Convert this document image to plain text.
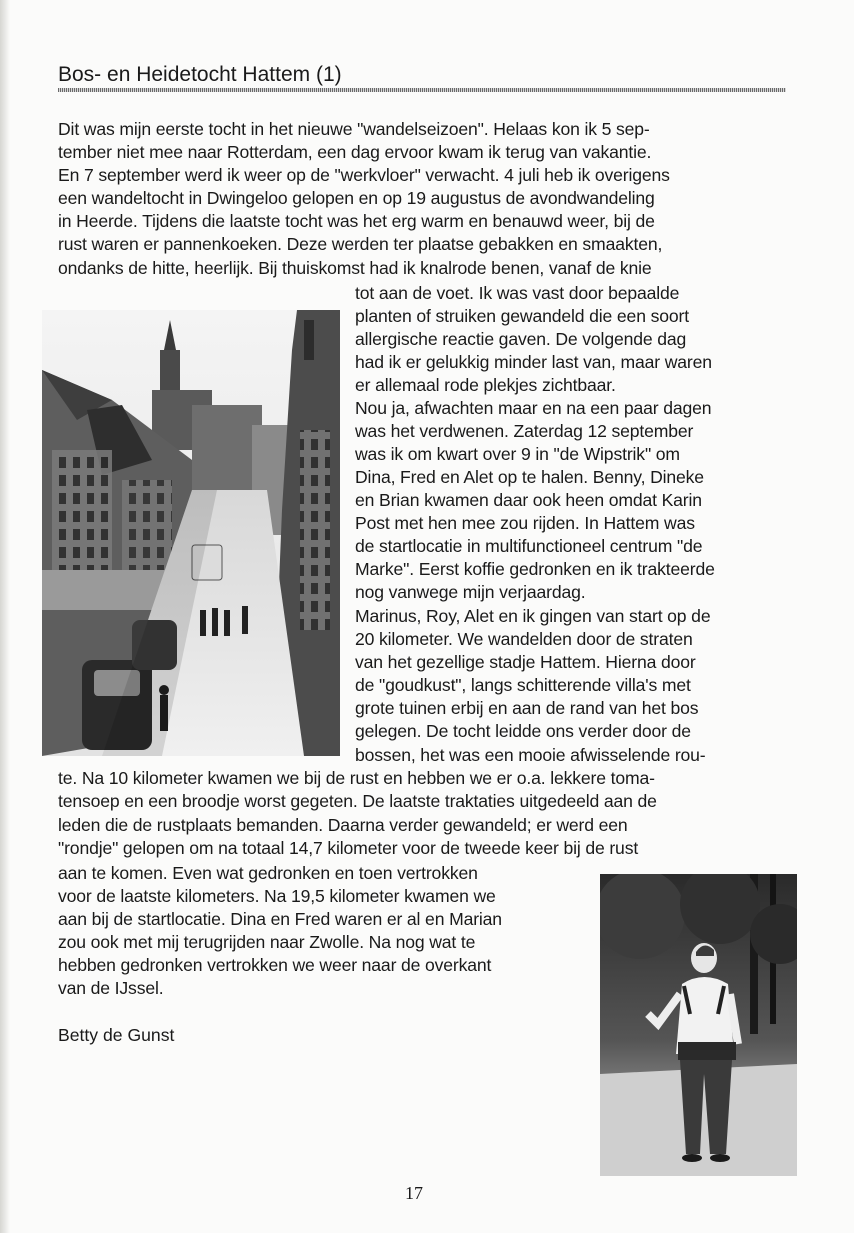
Bos- en Heidetocht Hattem (1)
Dit was mijn eerste tocht in het nieuwe "wandelseizoen". Helaas kon ik 5 sep-
tember niet mee naar Rotterdam, een dag ervoor kwam ik terug van vakantie.
En 7 september werd ik weer op de "werkvloer" verwacht. 4 juli heb ik overigens
een wandeltocht in Dwingeloo gelopen en op 19 augustus de avondwandeling
in Heerde. Tijdens die laatste tocht was het erg warm en benauwd weer, bij de
rust waren er pannenkoeken. Deze werden ter plaatse gebakken en smaakten,
ondanks de hitte, heerlijk. Bij thuiskomst had ik knalrode benen, vanaf de knie
tot aan de voet. Ik was vast door bepaalde
planten of struiken gewandeld die een soort
allergische reactie gaven. De volgende dag
had ik er gelukkig minder last van, maar waren
er allemaal rode plekjes zichtbaar.
Nou ja, afwachten maar en na een paar dagen
was het verdwenen. Zaterdag 12 september
was ik om kwart over 9 in "de Wipstrik" om
Dina, Fred en Alet op te halen. Benny, Dineke
en Brian kwamen daar ook heen omdat Karin
Post met hen mee zou rijden. In Hattem was
de startlocatie in multifunctioneel centrum "de
Marke". Eerst koffie gedronken en ik trakteerde
nog vanwege mijn verjaardag.
Marinus, Roy, Alet en ik gingen van start op de
20 kilometer. We wandelden door de straten
van het gezellige stadje Hattem. Hierna door
de "goudkust", langs schitterende villa's met
grote tuinen erbij en aan de rand van het bos
gelegen. De tocht leidde ons verder door de
bossen, het was een mooie afwisselende rou-
te. Na 10 kilometer kwamen we bij de rust en hebben we er o.a. lekkere toma-
tensoep en een broodje worst gegeten. De laatste traktaties uitgedeeld aan de
leden die de rustplaats bemanden. Daarna verder gewandeld; er werd een
"rondje" gelopen om na totaal 14,7 kilometer voor de tweede keer bij de rust
aan te komen. Even wat gedronken en toen vertrokken
voor de laatste kilometers. Na 19,5 kilometer kwamen we
aan bij de startlocatie. Dina en Fred waren er al en Marian
zou ook met mij terugrijden naar Zwolle. Na nog wat te
hebben gedronken vertrokken we weer naar de overkant
van de IJssel.
Betty de Gunst
17
